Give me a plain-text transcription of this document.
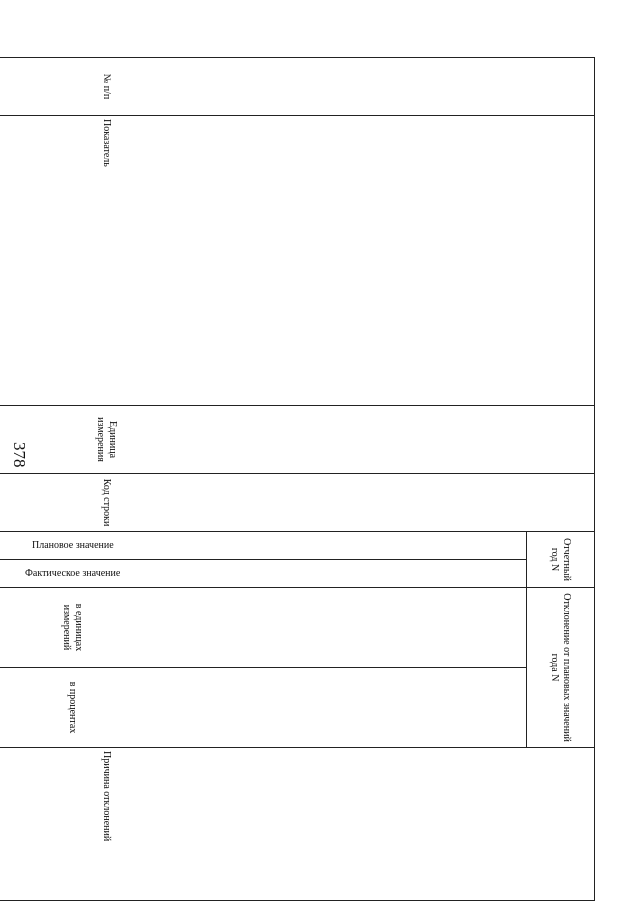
378
№ п/п	Показатель	Единица измерения	Код строки	Отчетный год N		Отклонение от плановых значений года N		Причина отклонений

				Плановое значение	Фактическое значение	в единицах измерений	в процентах	
